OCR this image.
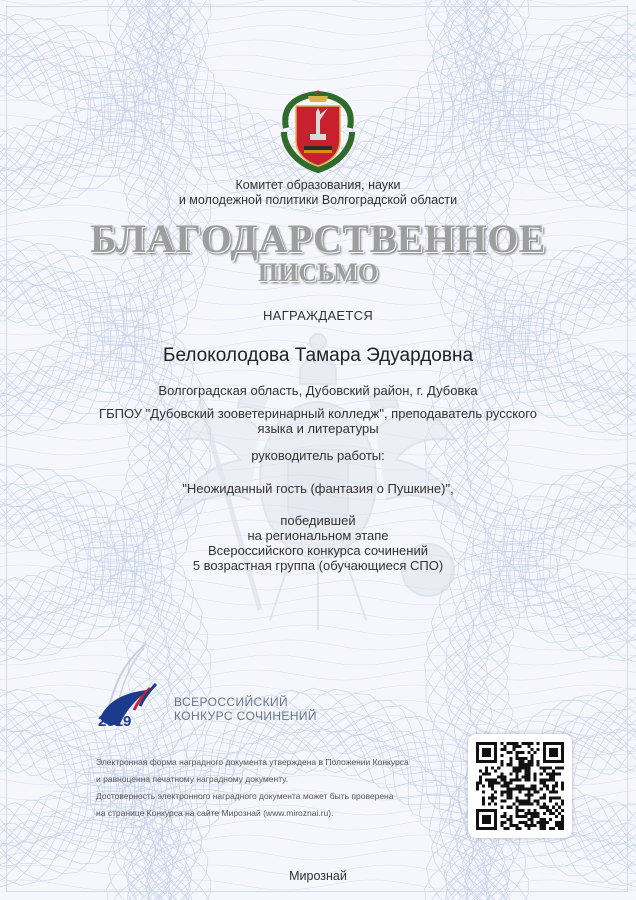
Комитет образования, науки
и молодежной политики Волгоградской области
БЛАГОДАРСТВЕННОЕ
ПИСЬМО
НАГРАЖДАЕТСЯ
Белоколодова Тамара Эдуардовна
Волгоградская область, Дубовский район, г. Дубовка
ГБПОУ "Дубовский зооветеринарный колледж", преподаватель русского
языка и литературы
руководитель работы:
"Неожиданный гость (фантазия о Пушкине)",
победившей
на региональном этапе
Всероссийского конкурса сочинений
5 возрастная группа (обучающиеся СПО)
2019
ВСЕРОССИЙСКИЙ
КОНКУРС СОЧИНЕНИЙ
Электронная форма наградного документа утверждена в Положении Конкурса
и равноценна печатному наградному документу.
Достоверность электронного наградного документа может быть проверена
на странице Конкурса на сайте Мирознай (www.miroznai.ru).
Мирознай
